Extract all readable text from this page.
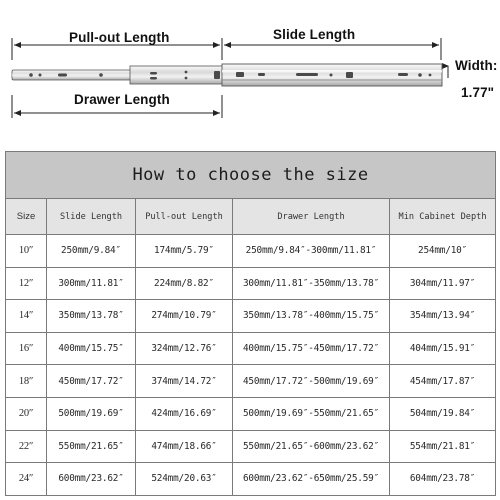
Pull-out Length	Slide Length
Drawer Length
Width:
1.77"
How to choose the size				
Size	Slide Length	Pull-out Length	Drawer Length	Min Cabinet Depth
10″	250mm/9.84″	174mm/5.79″	250mm/9.84″-300mm/11.81″	254mm/10″
12″	300mm/11.81″	224mm/8.82″	300mm/11.81″-350mm/13.78″	304mm/11.97″
14″	350mm/13.78″	274mm/10.79″	350mm/13.78″-400mm/15.75″	354mm/13.94″
16″	400mm/15.75″	324mm/12.76″	400mm/15.75″-450mm/17.72″	404mm/15.91″
18″	450mm/17.72″	374mm/14.72″	450mm/17.72″-500mm/19.69″	454mm/17.87″
20″	500mm/19.69″	424mm/16.69″	500mm/19.69″-550mm/21.65″	504mm/19.84″
22″	550mm/21.65″	474mm/18.66″	550mm/21.65″-600mm/23.62″	554mm/21.81″
24″	600mm/23.62″	524mm/20.63″	600mm/23.62″-650mm/25.59″	604mm/23.78″
